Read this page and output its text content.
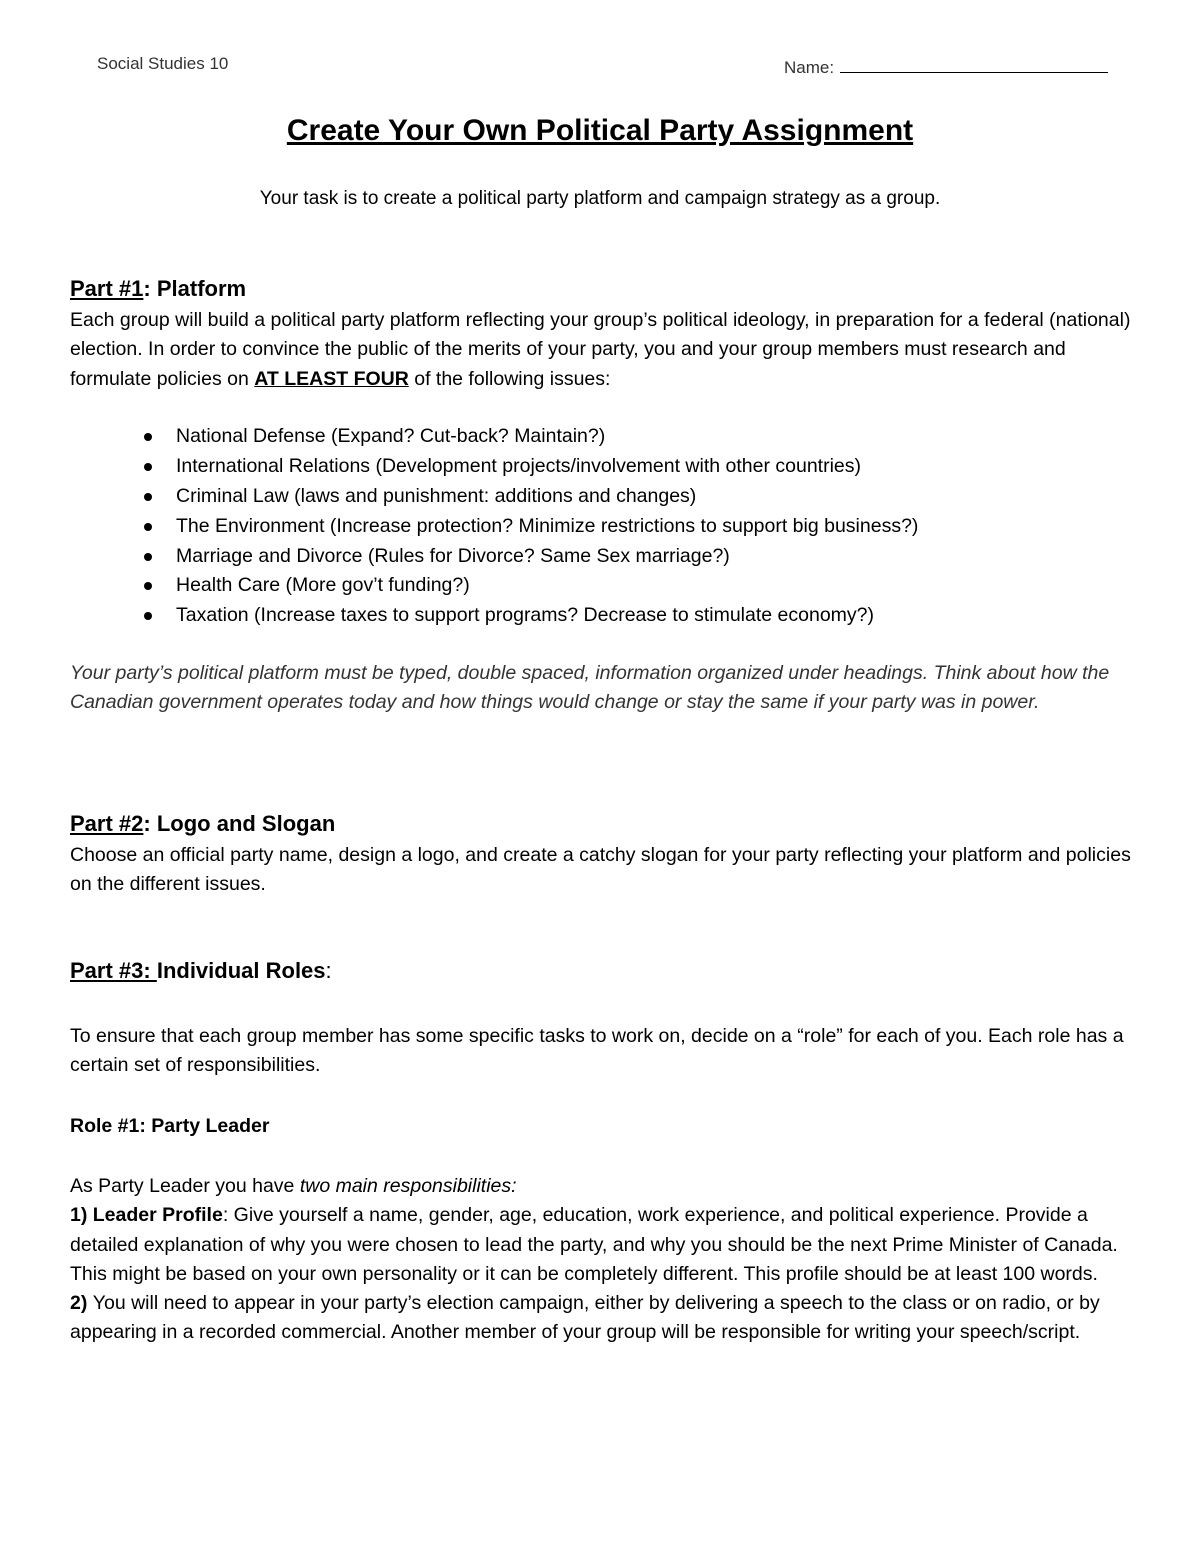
Social Studies 10	Name:
Create Your Own Political Party Assignment
Your task is to create a political party platform and campaign strategy as a group.
Part #1: Platform
Each group will build a political party platform reflecting your group’s political ideology, in preparation for a federal (national) election. In order to convince the public of the merits of your party, you and your group members must research and formulate policies on AT LEAST FOUR of the following issues:
National Defense (Expand? Cut-back? Maintain?)
International Relations (Development projects/involvement with other countries)
Criminal Law (laws and punishment: additions and changes)
The Environment (Increase protection? Minimize restrictions to support big business?)
Marriage and Divorce (Rules for Divorce? Same Sex marriage?)
Health Care (More gov’t funding?)
Taxation (Increase taxes to support programs? Decrease to stimulate economy?)
Your party’s political platform must be typed, double spaced, information organized under headings. Think about how the Canadian government operates today and how things would change or stay the same if your party was in power.
Part #2: Logo and Slogan
Choose an official party name, design a logo, and create a catchy slogan for your party reflecting your platform and policies on the different issues.
Part #3: Individual Roles:
To ensure that each group member has some specific tasks to work on, decide on a “role” for each of you. Each role has a certain set of responsibilities.
Role #1: Party Leader
As Party Leader you have two main responsibilities:
1) Leader Profile: Give yourself a name, gender, age, education, work experience, and political experience. Provide a detailed explanation of why you were chosen to lead the party, and why you should be the next Prime Minister of Canada. This might be based on your own personality or it can be completely different. This profile should be at least 100 words.
2) You will need to appear in your party’s election campaign, either by delivering a speech to the class or on radio, or by appearing in a recorded commercial. Another member of your group will be responsible for writing your speech/script.
